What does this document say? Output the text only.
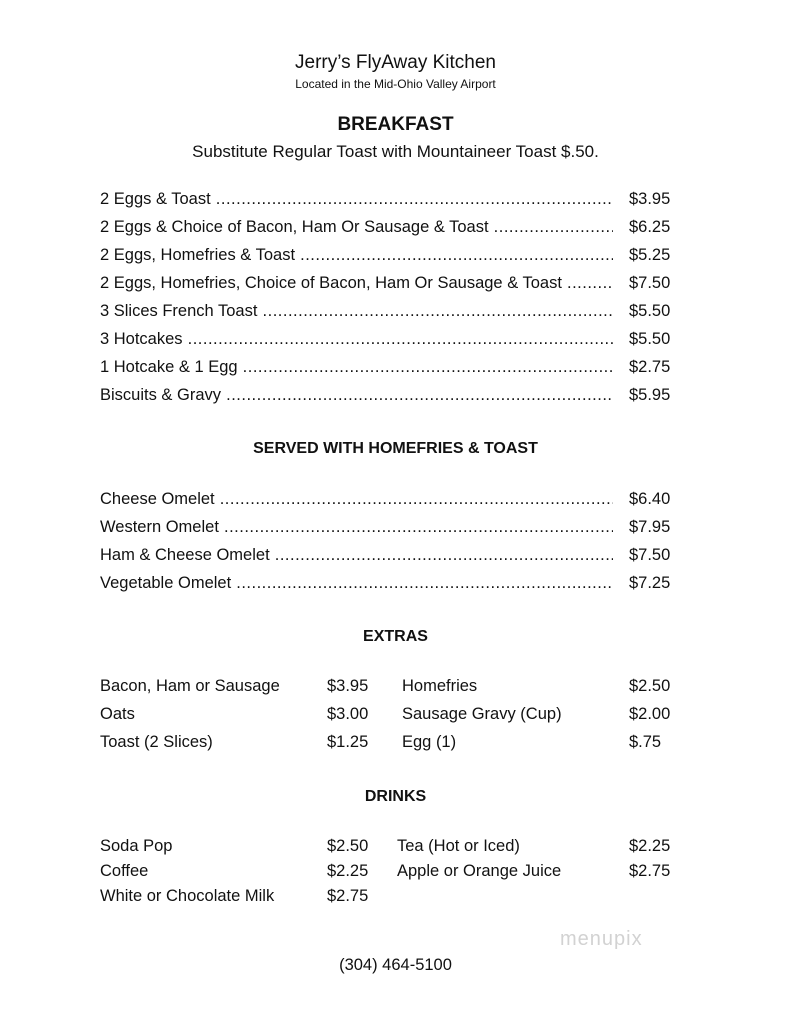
Jerry’s FlyAway Kitchen
Located in the Mid-Ohio Valley Airport
BREAKFAST
Substitute Regular Toast with Mountaineer Toast $.50.
2 Eggs & Toast .....	$3.95
2 Eggs & Choice of Bacon, Ham Or Sausage & Toast .....	$6.25
2 Eggs, Homefries & Toast .....	$5.25
2 Eggs, Homefries, Choice of Bacon, Ham Or Sausage & Toast .....	$7.50
3 Slices French Toast .....	$5.50
3 Hotcakes .....	$5.50
1 Hotcake & 1 Egg .....	$2.75
Biscuits & Gravy .....	$5.95
SERVED WITH HOMEFRIES & TOAST
Cheese Omelet .....	$6.40
Western Omelet .....	$7.95
Ham & Cheese Omelet .....	$7.50
Vegetable Omelet .....	$7.25
EXTRAS
Bacon, Ham or Sausage	$3.95 Homefries	$2.50
Oats	$3.00 Sausage Gravy (Cup)	$2.00
Toast (2 Slices)	$1.25 Egg (1)	$.75
DRINKS
Soda Pop	$2.50 Tea (Hot or Iced)	$2.25
Coffee	$2.25 Apple or Orange Juice	$2.75
White or Chocolate Milk	$2.75
menupix
(304) 464-5100
